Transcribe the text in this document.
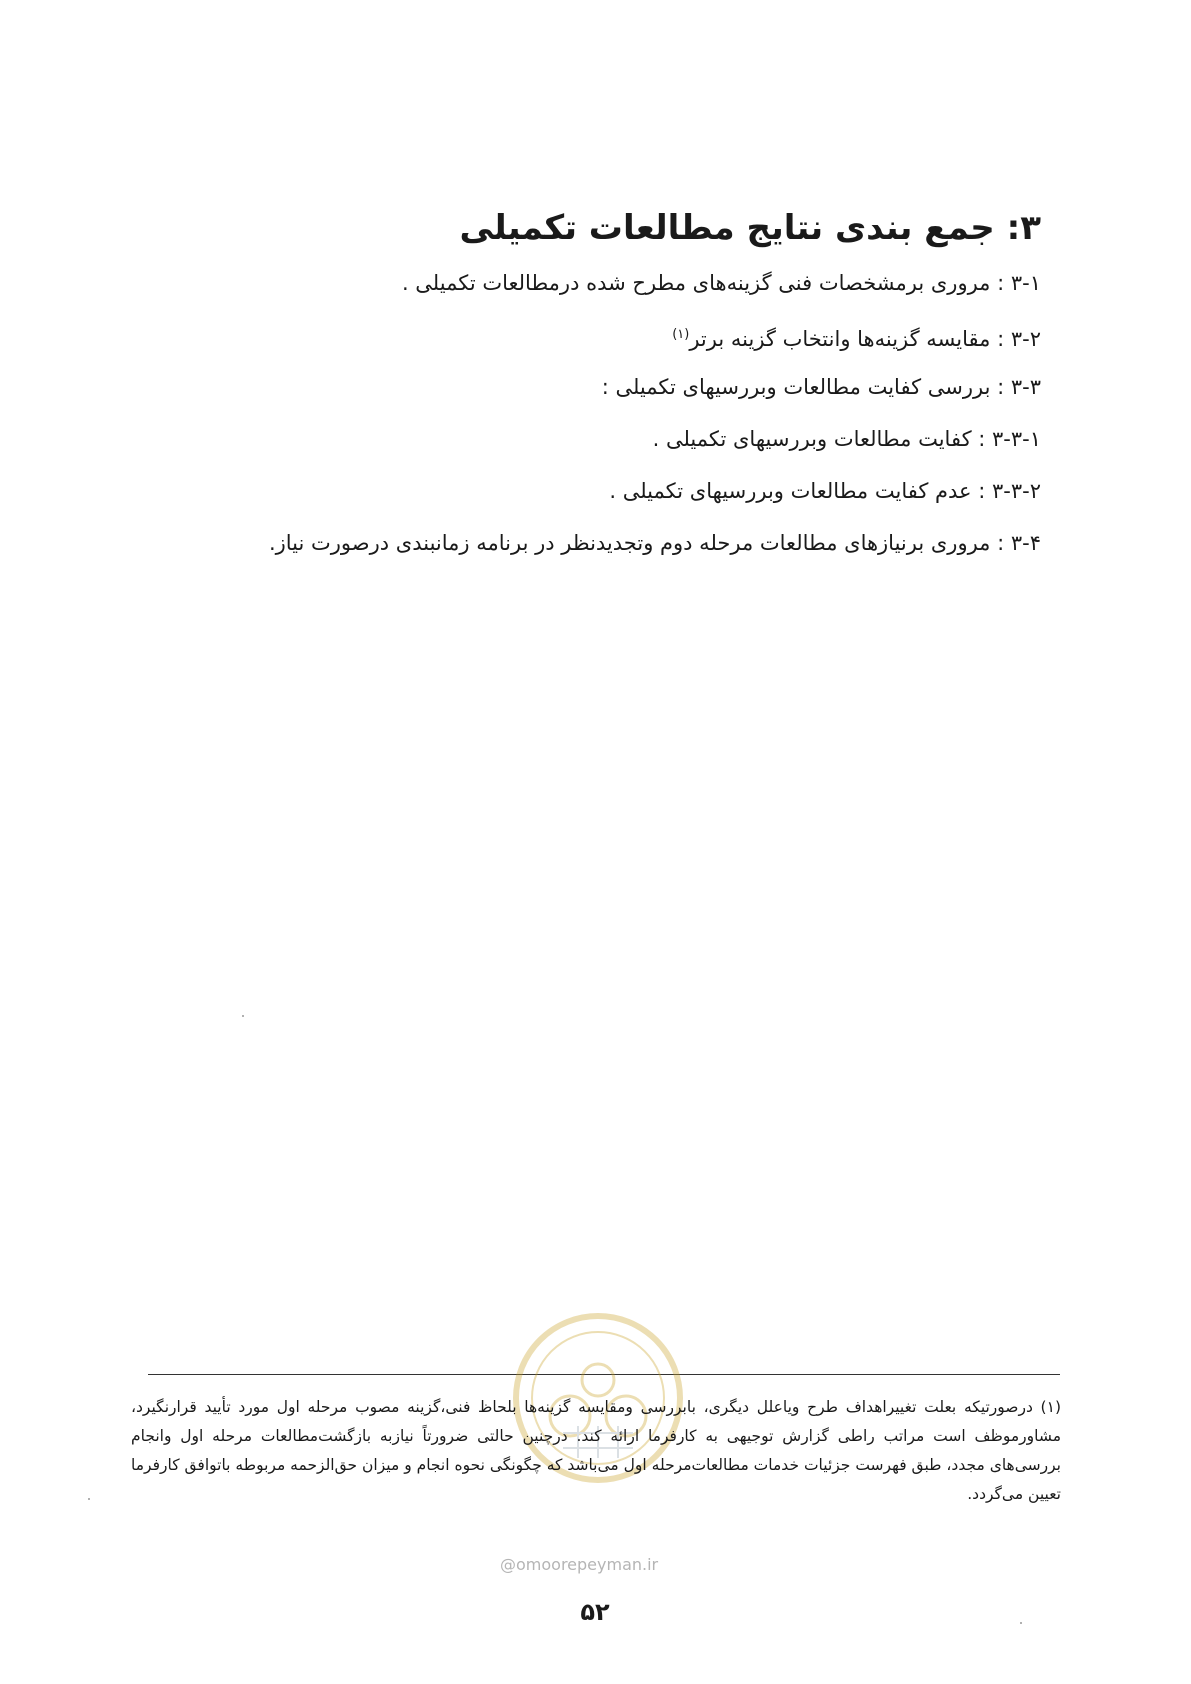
۳: جمع بندی نتایج مطالعات تکمیلی
۳-۱ : مروری برمشخصات فنی گزینه‌های مطرح شده درمطالعات تکمیلی .
۳-۲ : مقایسه گزینه‌ها وانتخاب گزینه برتر$^{(۱)}$
۳-۳ : بررسی کفایت مطالعات وبررسیهای تکمیلی :
۳-۳-۱ : کفایت مطالعات وبررسیهای تکمیلی .
۳-۳-۲ : عدم کفایت مطالعات وبررسیهای تکمیلی .
۳-۴ : مروری برنیازهای مطالعات مرحله دوم وتجدیدنظر در برنامه زمانبندی درصورت نیاز.

(۱) درصورتیکه بعلت تغییراهداف طرح ویاعلل دیگری، بابررسی ومقایسه گزینه‌ها بلحاظ فنی،گزینه مصوب مرحله اول مورد تأیید قرارنگیرد، مشاورموظف است مراتب راطی گزارش توجیهی به کارفرما ارائه کند. درچنین حالتی ضرورتاً نیازبه بازگشت‌مطالعات مرحله اول وانجام بررسی‌های مجدد، طبق فهرست جزئیات خدمات مطالعات‌مرحله اول می‌باشد که چگونگی نحوه انجام و میزان حق‌الزحمه مربوطه باتوافق کارفرما تعیین می‌گردد.

@omoorepeyman.ir
۵۲
